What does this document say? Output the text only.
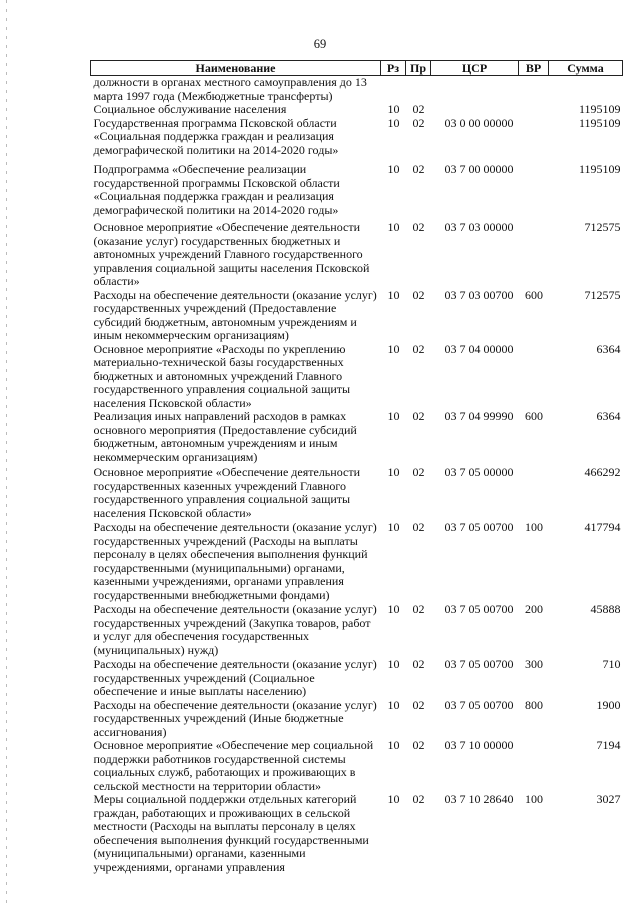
69
Наименование	Рз	Пр	ЦСР	ВР	Сумма
должности в органах местного самоуправления до 13 марта 1997 года (Межбюджетные трансферты)					
Социальное обслуживание населения	10	02			1195109
Государственная программа Псковской области «Социальная поддержка граждан и реализация демографической политики на 2014-2020 годы»	10	02	03 0 00 00000		1195109
Подпрограмма «Обеспечение реализации государственной программы Псковской области «Социальная поддержка граждан и реализация демографической политики на 2014-2020 годы»	10	02	03 7 00 00000		1195109
Основное мероприятие «Обеспечение деятельности (оказание услуг) государственных бюджетных и автономных учреждений Главного государственного управления социальной защиты населения Псковской области»	10	02	03 7 03 00000		712575
Расходы на обеспечение деятельности (оказание услуг) государственных учреждений (Предоставление субсидий бюджетным, автономным учреждениям и иным некоммерческим организациям)	10	02	03 7 03 00700	600	712575
Основное мероприятие «Расходы по укреплению материально-технической базы государственных бюджетных и автономных учреждений Главного государственного управления социальной защиты населения Псковской области»	10	02	03 7 04 00000		6364
Реализация иных направлений расходов в рамках основного мероприятия (Предоставление субсидий бюджетным, автономным учреждениям и иным некоммерческим организациям)	10	02	03 7 04 99990	600	6364
Основное мероприятие «Обеспечение деятельности государственных казенных учреждений Главного государственного управления социальной защиты населения Псковской области»	10	02	03 7 05 00000		466292
Расходы на обеспечение деятельности (оказание услуг) государственных учреждений (Расходы на выплаты персоналу в целях обеспечения выполнения функций государственными (муниципальными) органами, казенными учреждениями, органами управления государственными внебюджетными фондами)	10	02	03 7 05 00700	100	417794
Расходы на обеспечение деятельности (оказание услуг) государственных учреждений (Закупка товаров, работ и услуг для обеспечения государственных (муниципальных) нужд)	10	02	03 7 05 00700	200	45888
Расходы на обеспечение деятельности (оказание услуг) государственных учреждений (Социальное обеспечение и иные выплаты населению)	10	02	03 7 05 00700	300	710
Расходы на обеспечение деятельности (оказание услуг) государственных учреждений (Иные бюджетные ассигнования)	10	02	03 7 05 00700	800	1900
Основное мероприятие «Обеспечение мер социальной поддержки работников государственной системы социальных служб, работающих и проживающих в сельской местности на территории области»	10	02	03 7 10 00000		7194
Меры социальной поддержки отдельных категорий граждан, работающих и проживающих в сельской местности (Расходы на выплаты персоналу в целях обеспечения выполнения функций государственными (муниципальными) органами, казенными учреждениями, органами управления	10	02	03 7 10 28640	100	3027
